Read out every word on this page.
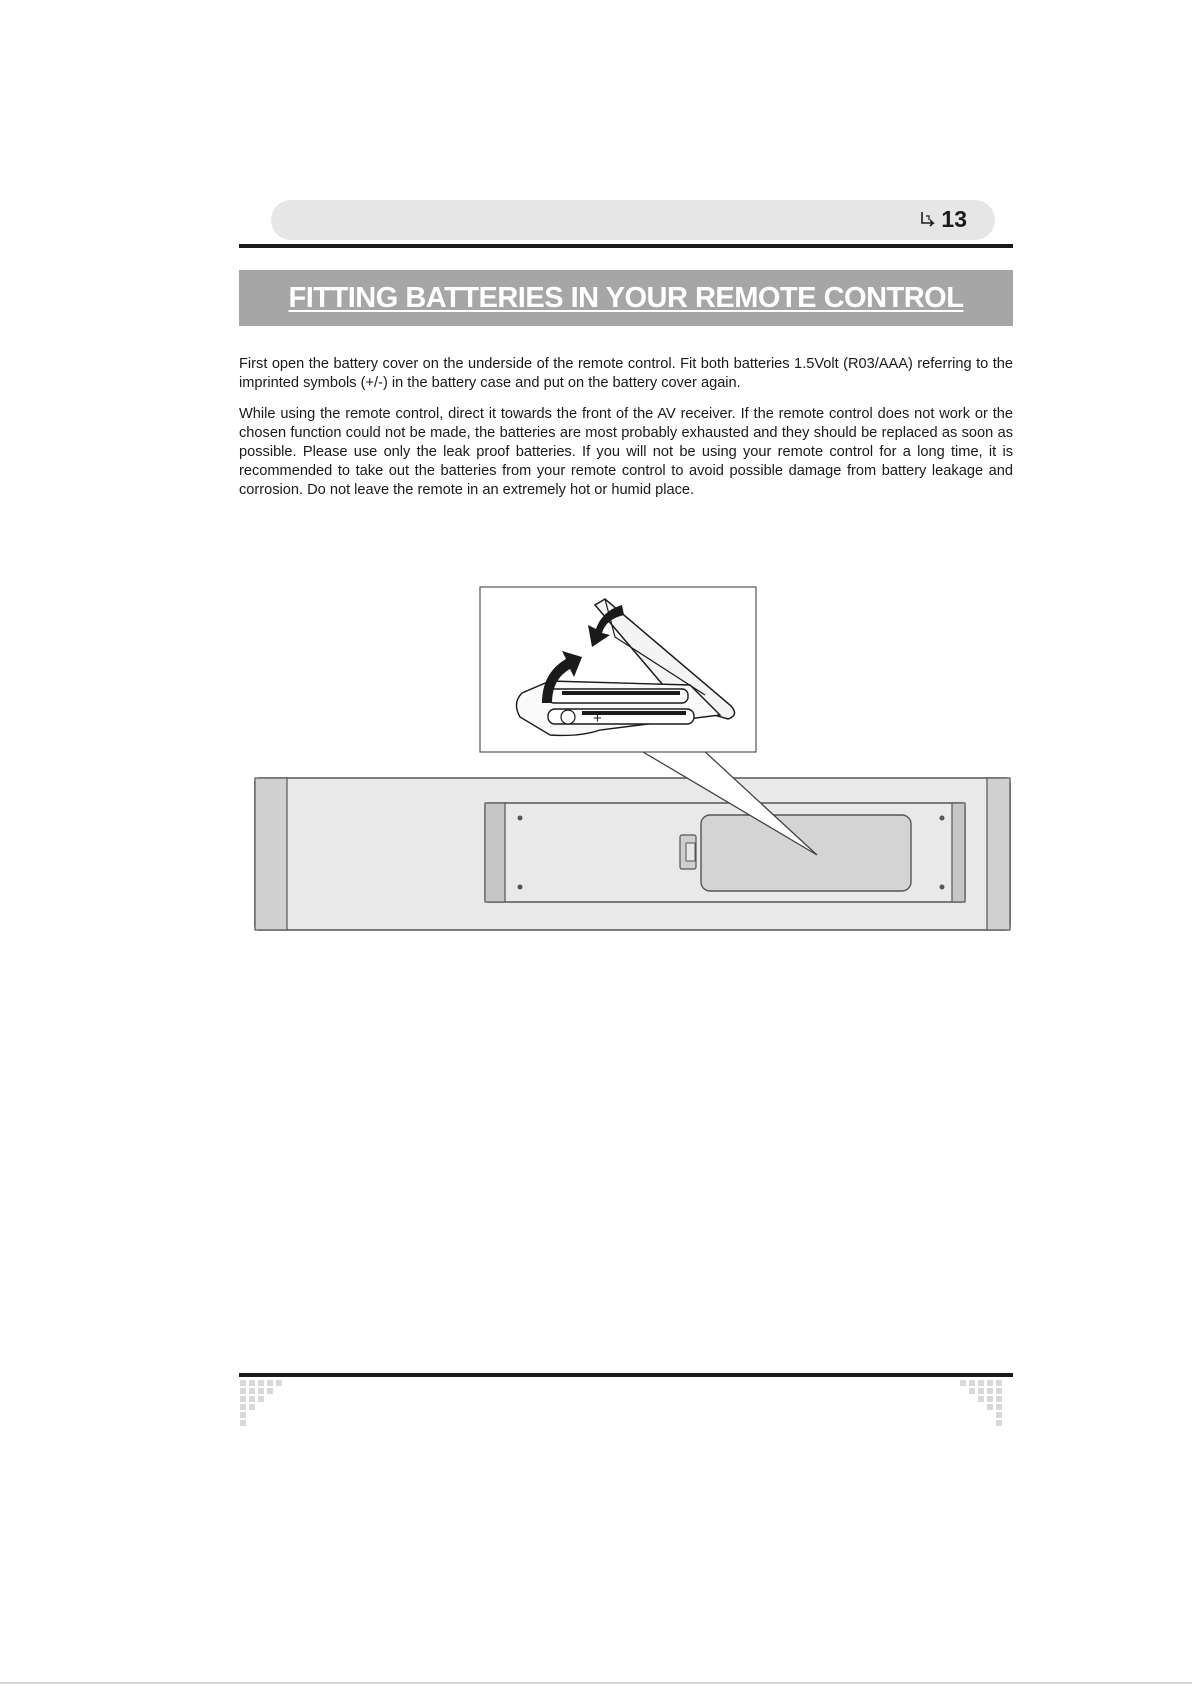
13
FITTING BATTERIES IN YOUR REMOTE CONTROL

First open the battery cover on the underside of the remote control. Fit both batteries 1.5Volt (R03/AAA) referring to the imprinted symbols (+/-) in the battery case and put on the battery cover again.

While using the remote control, direct it towards the front of the AV receiver. If the remote control does not work or the chosen function could not be made, the batteries are most probably exhausted and they should be replaced as soon as possible. Please use only the leak proof batteries. If you will not be using your remote control for a long time, it is recommended to take out the batteries from your remote control to avoid possible damage from battery leakage and corrosion. Do not leave the remote in an extremely hot or humid place.

+
